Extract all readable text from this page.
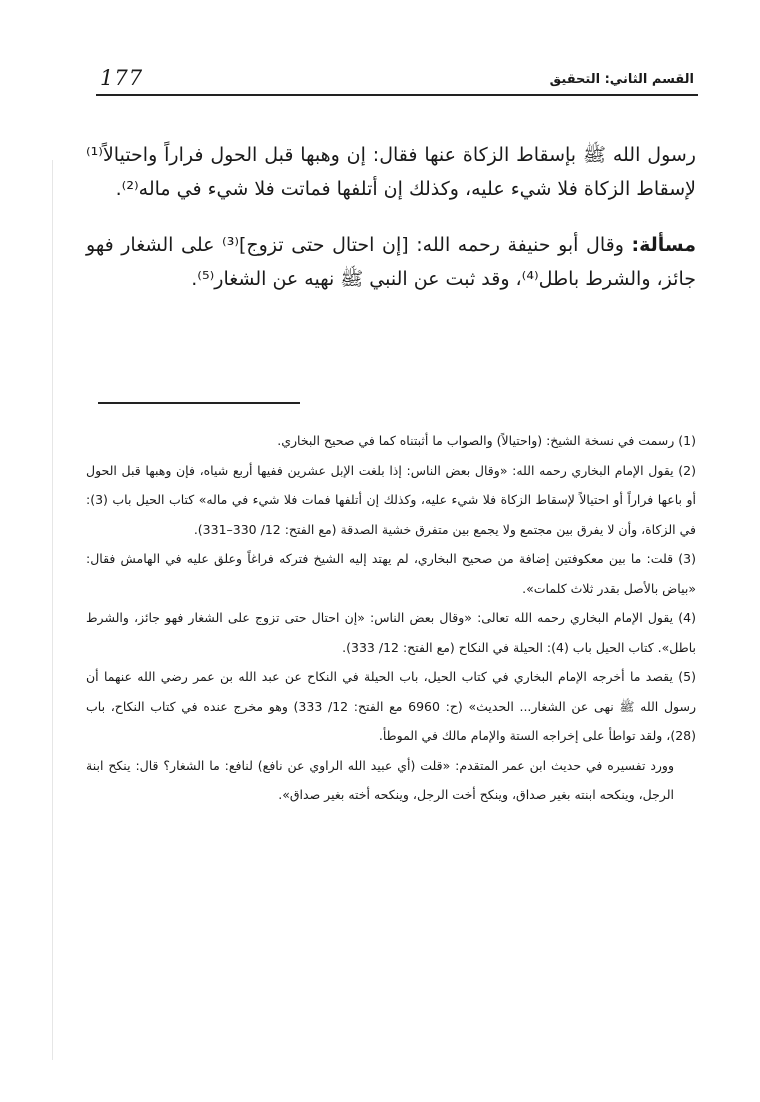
177	القسم الثاني: التحقيق

رسول الله ﷺ بإسقاط الزكاة عنها فقال: إن وهبها قبل الحول فراراً واحتيالاً⁽¹⁾ لإسقاط الزكاة فلا شيء عليه، وكذلك إن أتلفها فماتت فلا شيء في ماله⁽²⁾.

مسألة: وقال أبو حنيفة رحمه الله: [إن احتال حتى تزوج]⁽³⁾ على الشغار فهو جائز، والشرط باطل⁽⁴⁾، وقد ثبت عن النبي ﷺ نهيه عن الشغار⁽⁵⁾.

(1) رسمت في نسخة الشيخ: (واحتيالاً) والصواب ما أثبتناه كما في صحيح البخاري.

(2) يقول الإمام البخاري رحمه الله: «وقال بعض الناس: إذا بلغت الإبل عشرين ففيها أربع شياه، فإن وهبها قبل الحول أو باعها فراراً أو احتيالاً لإسقاط الزكاة فلا شيء عليه، وكذلك إن أتلفها فمات فلا شيء في ماله» كتاب الحيل باب (3): في الزكاة، وأن لا يفرق بين مجتمع ولا يجمع بين متفرق خشية الصدقة (مع الفتح: 12/ 330–331).

(3) قلت: ما بين معكوفتين إضافة من صحيح البخاري، لم يهتد إليه الشيخ فتركه فراغاً وعلق عليه في الهامش فقال: «بياض بالأصل بقدر ثلاث كلمات».

(4) يقول الإمام البخاري رحمه الله تعالى: «وقال بعض الناس: «إن احتال حتى تزوج على الشغار فهو جائز، والشرط باطل». كتاب الحيل باب (4): الحيلة في النكاح (مع الفتح: 12/ 333).

(5) يقصد ما أخرجه الإمام البخاري في كتاب الحيل، باب الحيلة في النكاح عن عبد الله بن عمر رضي الله عنهما أن رسول الله ﷺ نهى عن الشغار... الحديث» (ح: 6960 مع الفتح: 12/ 333) وهو مخرج عنده في كتاب النكاح، باب (28)، ولقد تواطأ على إخراجه الستة والإمام مالك في الموطأ.

وورد تفسيره في حديث ابن عمر المتقدم: «قلت (أي عبيد الله الراوي عن نافع) لنافع: ما الشغار؟ قال: ينكح ابنة الرجل، وينكحه ابنته بغير صداق، وينكح أخت الرجل، وينكحه أخته بغير صداق».
